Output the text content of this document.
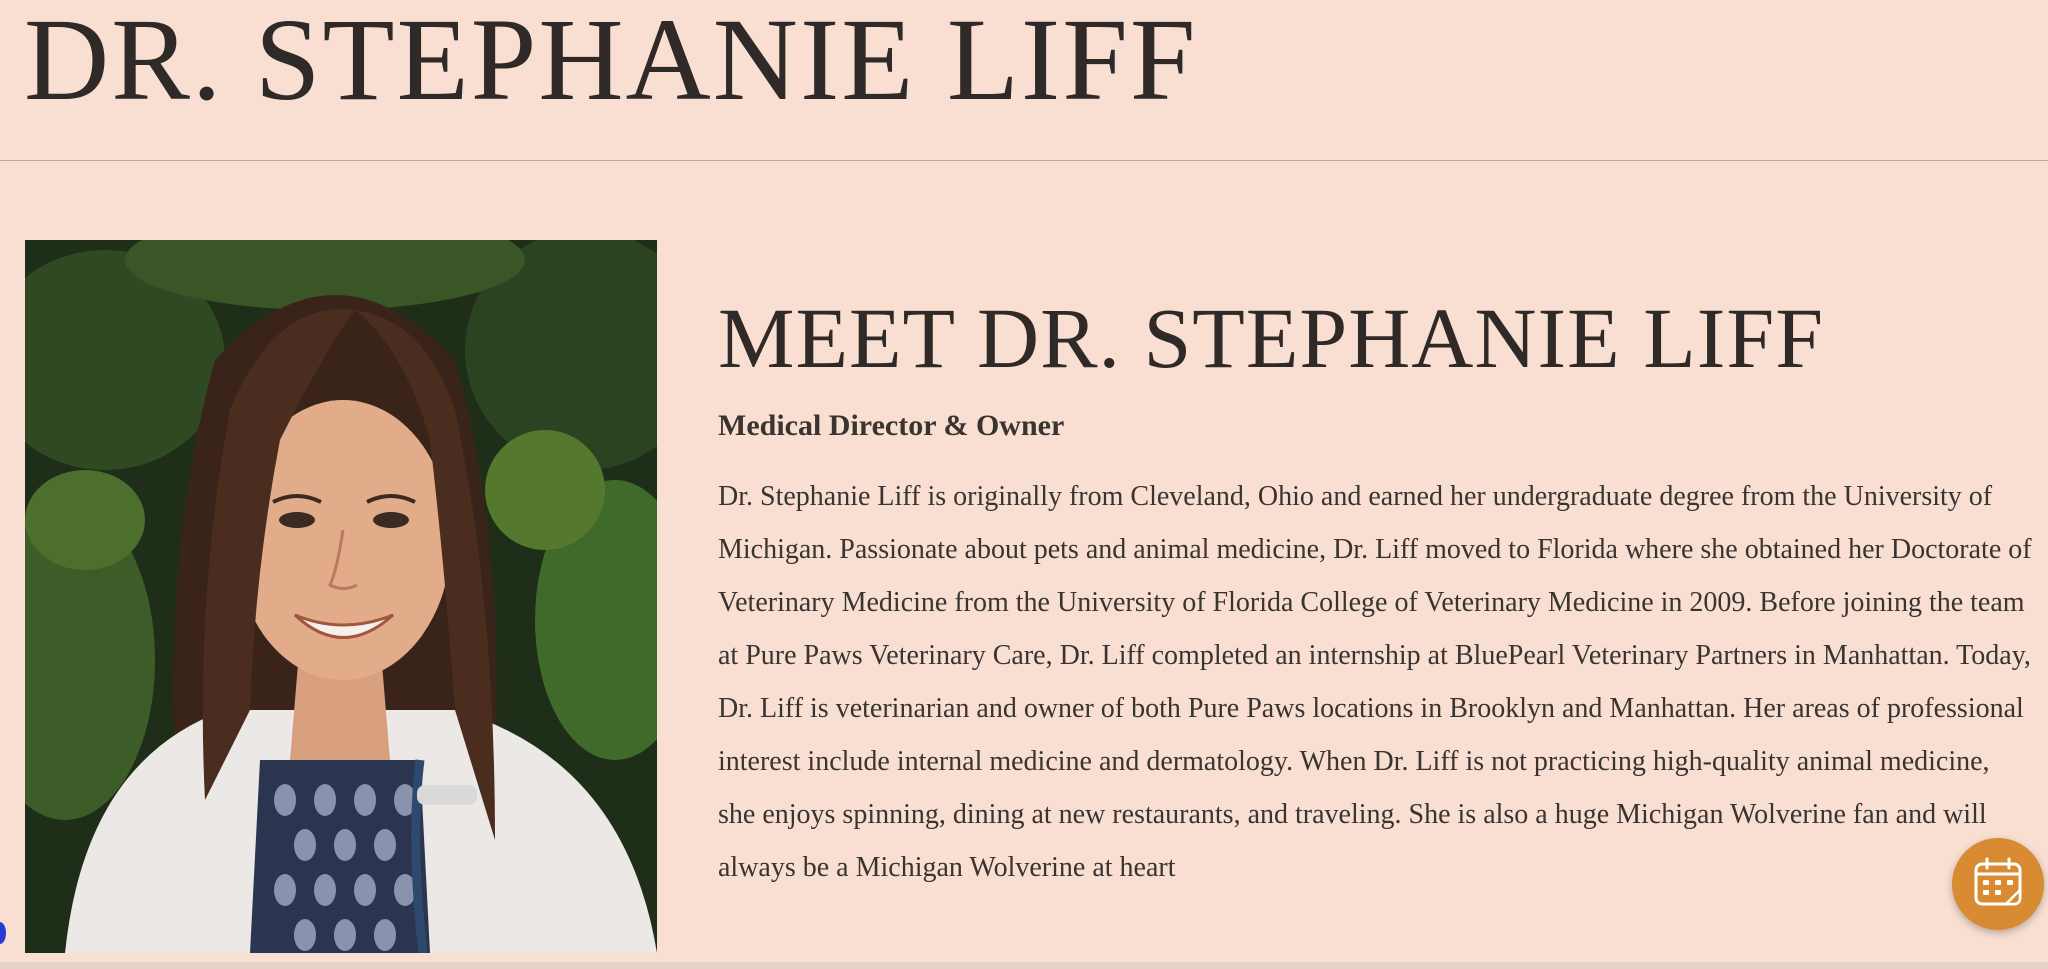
DR. STEPHANIE LIFF
MEET DR. STEPHANIE LIFF
Medical Director & Owner

Dr. Stephanie Liff is originally from Cleveland, Ohio and earned her undergraduate degree from the University of Michigan. Passionate about pets and animal medicine, Dr. Liff moved to Florida where she obtained her Doctorate of Veterinary Medicine from the University of Florida College of Veterinary Medicine in 2009. Before joining the team at Pure Paws Veterinary Care, Dr. Liff completed an internship at BluePearl Veterinary Partners in Manhattan. Today, Dr. Liff is veterinarian and owner of both Pure Paws locations in Brooklyn and Manhattan. Her areas of professional interest include internal medicine and dermatology. When Dr. Liff is not practicing high-quality animal medicine, she enjoys spinning, dining at new restaurants, and traveling. She is also a huge Michigan Wolverine fan and will always be a Michigan Wolverine at heart
